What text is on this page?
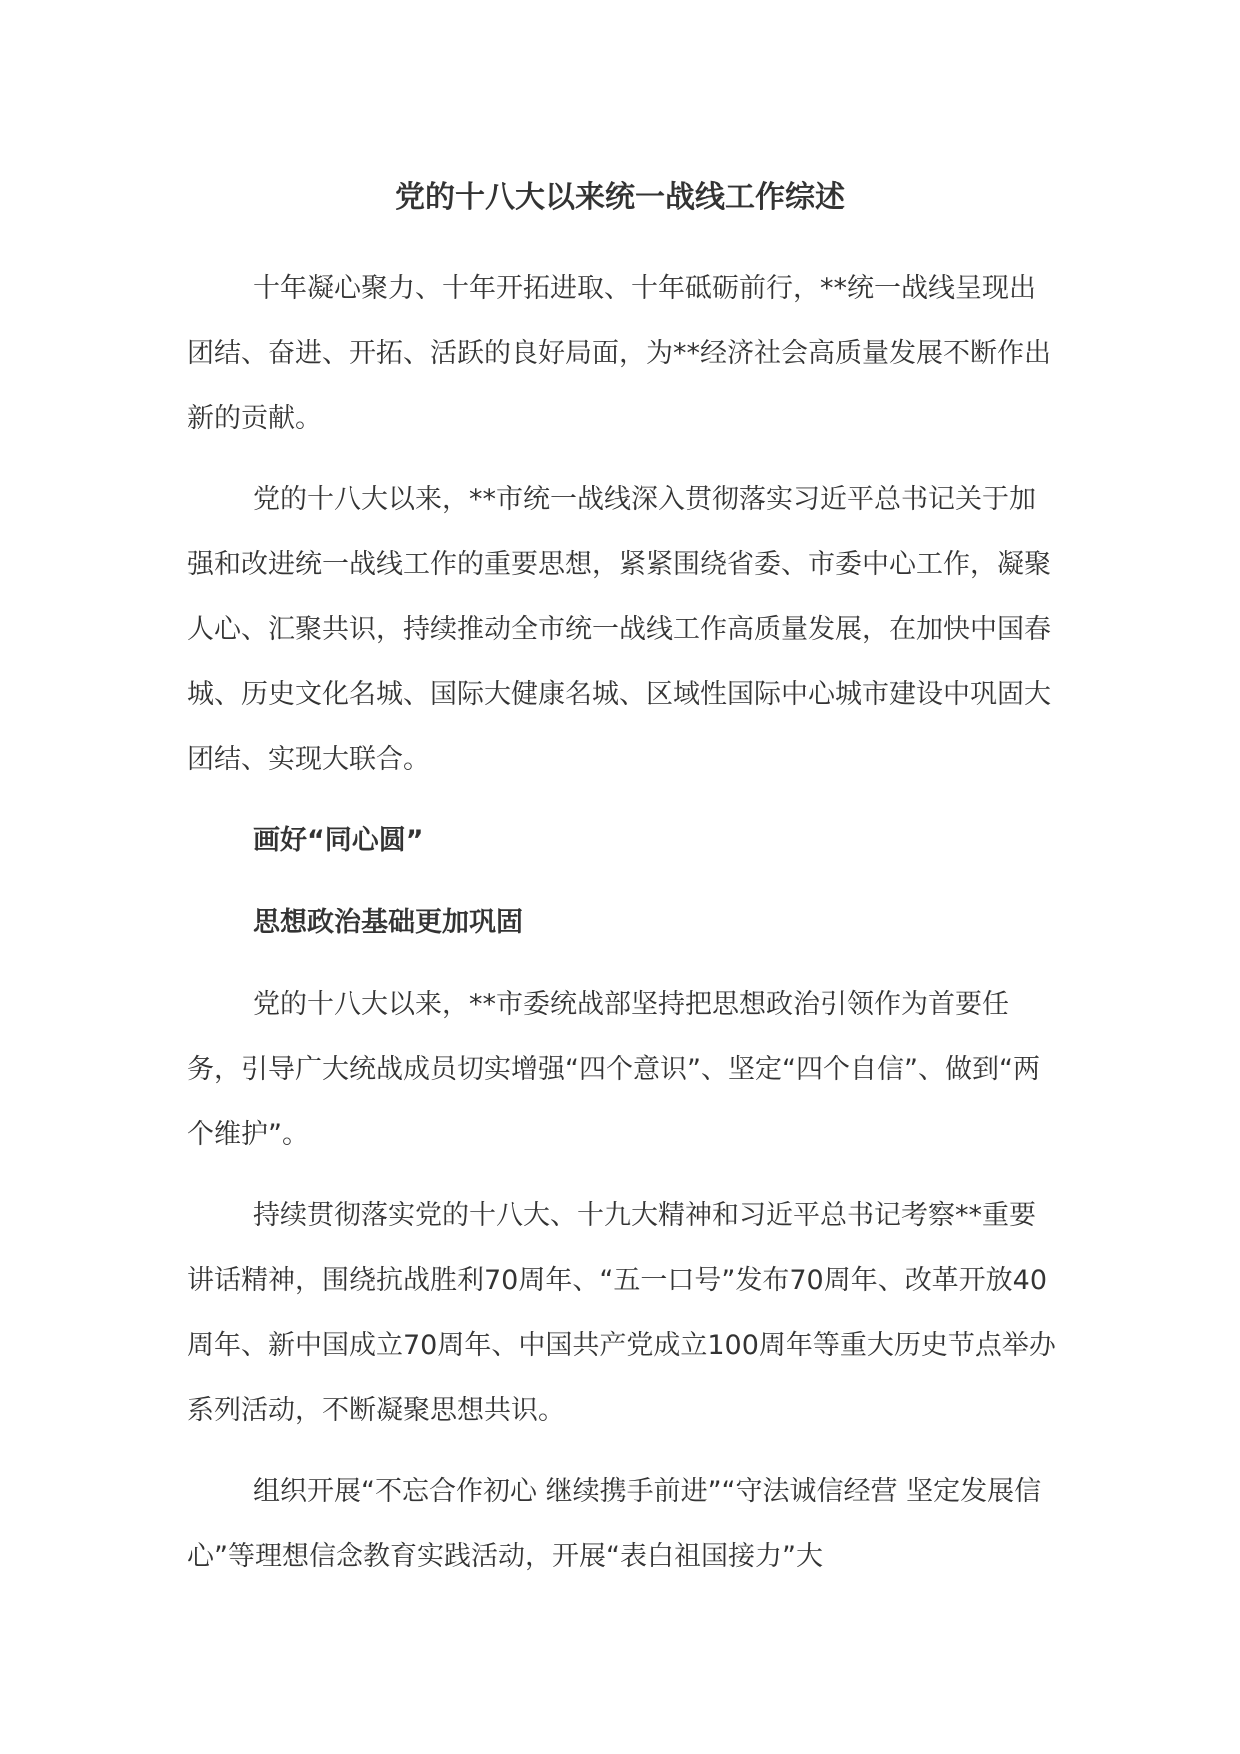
党的十八大以来统一战线工作综述

十年凝心聚力、十年开拓进取、十年砥砺前行，**统一战线呈现出团结、奋进、开拓、活跃的良好局面，为**经济社会高质量发展不断作出新的贡献。

党的十八大以来，**市统一战线深入贯彻落实习近平总书记关于加强和改进统一战线工作的重要思想，紧紧围绕省委、市委中心工作，凝聚人心、汇聚共识，持续推动全市统一战线工作高质量发展，在加快中国春城、历史文化名城、国际大健康名城、区域性国际中心城市建设中巩固大团结、实现大联合。

画好“同心圆”

思想政治基础更加巩固

党的十八大以来，**市委统战部坚持把思想政治引领作为首要任务，引导广大统战成员切实增强“四个意识”、坚定“四个自信”、做到“两个维护”。

持续贯彻落实党的十八大、十九大精神和习近平总书记考察**重要讲话精神，围绕抗战胜利70周年、“五一口号”发布70周年、改革开放40周年、新中国成立70周年、中国共产党成立100周年等重大历史节点举办系列活动，不断凝聚思想共识。

组织开展“不忘合作初心 继续携手前进”“守法诚信经营 坚定发展信心”等理想信念教育实践活动，开展“表白祖国接力”大
